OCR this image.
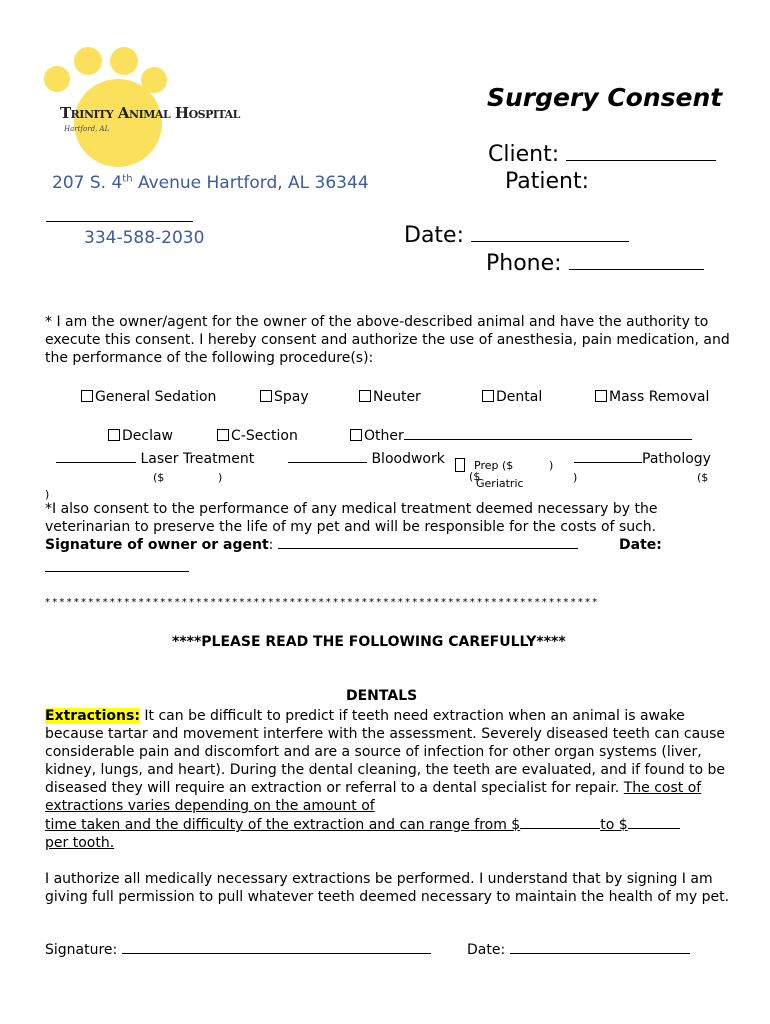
Trinity Animal Hospital
Hartford, AL
Surgery Consent
Client:
Patient:
207 S. 4th Avenue Hartford, AL 36344
334-588-2030	Date:
Phone:
* I am the owner/agent for the owner of the above-described animal and have the authority to execute this consent. I hereby consent and authorize the use of anesthesia, pain medication, and the performance of the following procedure(s):
General Sedation	Spay	Neuter	Dental	Mass Removal
Declaw	C-Section	Other
Laser Treatment
($	)
Bloodwork	Prep ($	)
($
Geriatric
Pathology
)	($
)
*I also consent to the performance of any medical treatment deemed necessary by the veterinarian to preserve the life of my pet and will be responsible for the costs of such.
Signature of owner or agent:	Date:
*****************************************************************************
****PLEASE READ THE FOLLOWING CAREFULLY****
DENTALS
Extractions: It can be difficult to predict if teeth need extraction when an animal is awake because tartar and movement interfere with the assessment. Severely diseased teeth can cause considerable pain and discomfort and are a source of infection for other organ systems (liver, kidney, lungs, and heart). During the dental cleaning, the teeth are evaluated, and if found to be diseased they will require an extraction or referral to a dental specialist for repair. The cost of extractions varies depending on the amount of
time taken and the difficulty of the extraction and can range from $	to $
per tooth.
I authorize all medically necessary extractions be performed. I understand that by signing I am giving full permission to pull whatever teeth deemed necessary to maintain the health of my pet.
Signature:	Date:
